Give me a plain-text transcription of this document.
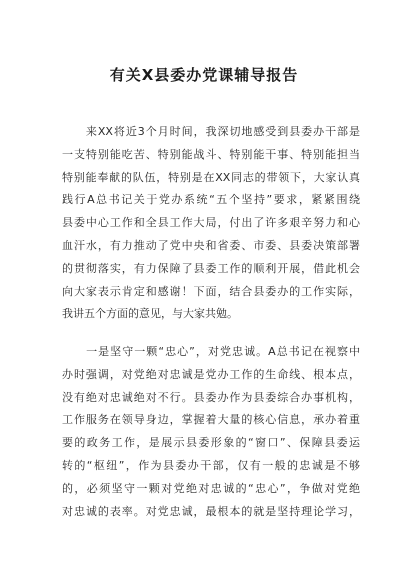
有关X县委办党课辅导报告
　　来XX将近3个月时间，我深切地感受到县委办干部是
一支特别能吃苦、特别能战斗、特别能干事、特别能担当
特别能奉献的队伍，特别是在XX同志的带领下，大家认真
践行A总书记关于党办系统“五个坚持”要求，紧紧围绕
县委中心工作和全县工作大局，付出了许多艰辛努力和心
血汗水，有力推动了党中央和省委、市委、县委决策部署
的贯彻落实，有力保障了县委工作的顺利开展，借此机会
向大家表示肯定和感谢！下面，结合县委办的工作实际，
我讲五个方面的意见，与大家共勉。
　　一是坚守一颗“忠心”，对党忠诚。A总书记在视察中
办时强调，对党绝对忠诚是党办工作的生命线、根本点，
没有绝对忠诚绝对不行。县委办作为县委综合办事机构，
工作服务在领导身边，掌握着大量的核心信息，承办着重
要的政务工作，是展示县委形象的“窗口”、保障县委运
转的“枢纽”，作为县委办干部，仅有一般的忠诚是不够
的，必须坚守一颗对党绝对忠诚的“忠心”，争做对党绝
对忠诚的表率。对党忠诚，最根本的就是坚持理论学习，
